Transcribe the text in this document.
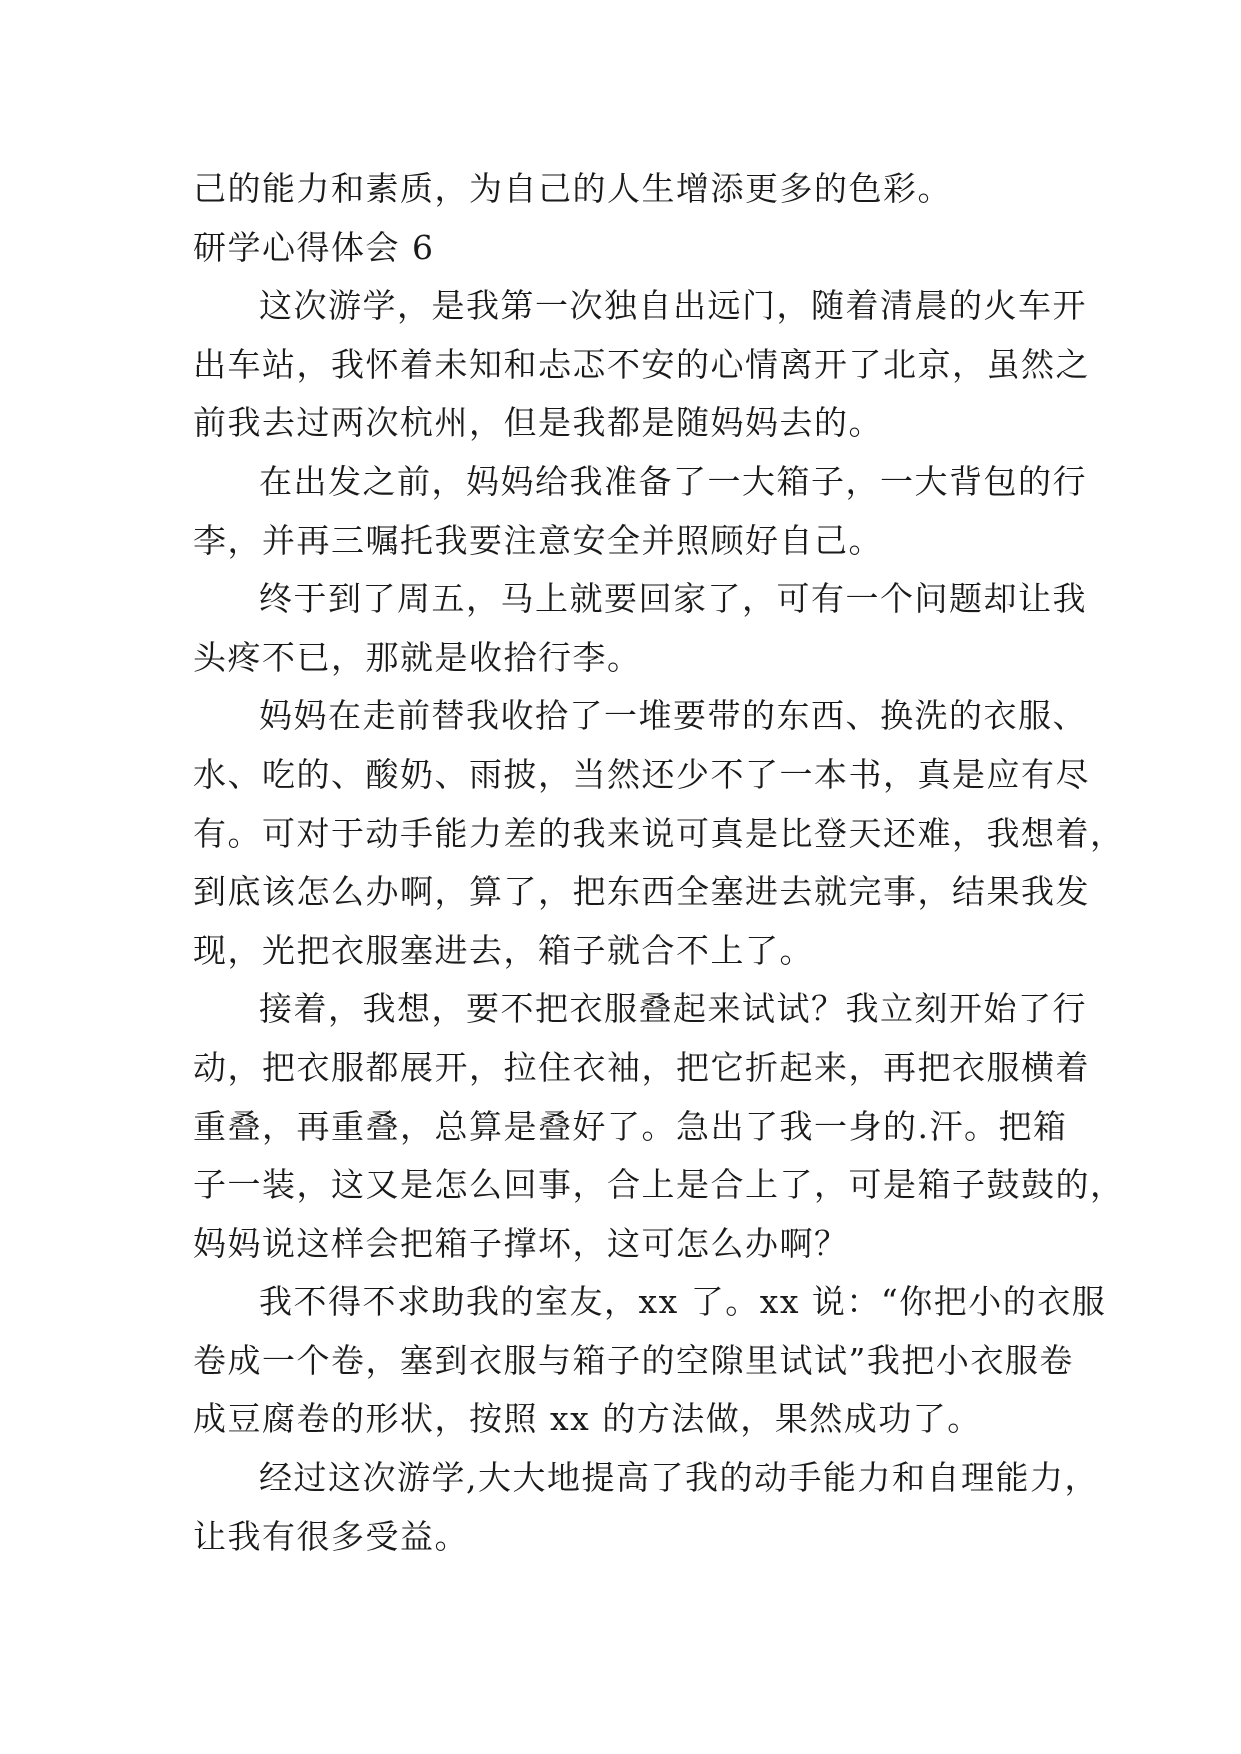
己的能力和素质，为自己的人生增添更多的色彩。
研学心得体会 6
这次游学，是我第一次独自出远门，随着清晨的火车开
出车站，我怀着未知和忐忑不安的心情离开了北京，虽然之
前我去过两次杭州，但是我都是随妈妈去的。
在出发之前，妈妈给我准备了一大箱子，一大背包的行
李，并再三嘱托我要注意安全并照顾好自己。
终于到了周五，马上就要回家了，可有一个问题却让我
头疼不已，那就是收拾行李。
妈妈在走前替我收拾了一堆要带的东西、换洗的衣服、
水、吃的、酸奶、雨披，当然还少不了一本书，真是应有尽
有。可对于动手能力差的我来说可真是比登天还难，我想着，
到底该怎么办啊，算了，把东西全塞进去就完事，结果我发
现，光把衣服塞进去，箱子就合不上了。
接着，我想，要不把衣服叠起来试试？我立刻开始了行
动，把衣服都展开，拉住衣袖，把它折起来，再把衣服横着
重叠，再重叠，总算是叠好了。急出了我一身的.汗。把箱
子一装，这又是怎么回事，合上是合上了，可是箱子鼓鼓的，
妈妈说这样会把箱子撑坏，这可怎么办啊？
我不得不求助我的室友，xx 了。xx 说：“你把小的衣服
卷成一个卷，塞到衣服与箱子的空隙里试试”我把小衣服卷
成豆腐卷的形状，按照 xx 的方法做，果然成功了。
经过这次游学,大大地提高了我的动手能力和自理能力，
让我有很多受益。
